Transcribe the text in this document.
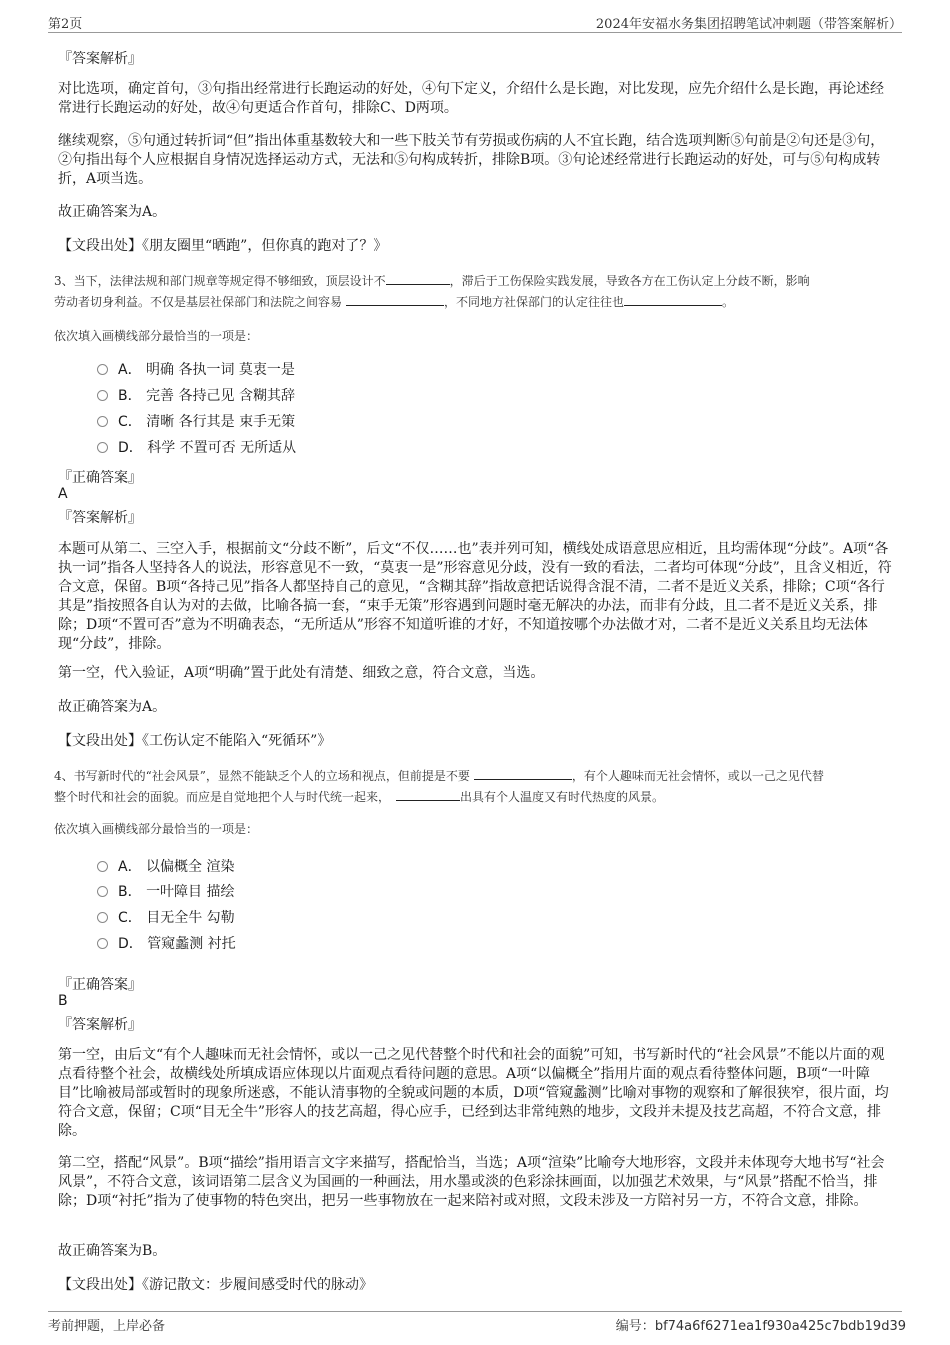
第2页	2024年安福水务集团招聘笔试冲刺题（带答案解析）
『答案解析』
对比选项，确定首句，③句指出经常进行长跑运动的好处，④句下定义，介绍什么是长跑，对比发现，应先介绍什么是长跑，再论述经常进行长跑运动的好处，故④句更适合作首句，排除C、D两项。
继续观察，⑤句通过转折词“但”指出体重基数较大和一些下肢关节有劳损或伤病的人不宜长跑，结合选项判断⑤句前是②句还是③句，②句指出每个人应根据自身情况选择运动方式，无法和⑤句构成转折，排除B项。③句论述经常进行长跑运动的好处，可与⑤句构成转折，A项当选。
故正确答案为A。
【文段出处】《朋友圈里“晒跑”，但你真的跑对了？》
3、当下，法律法规和部门规章等规定得不够细致，顶层设计不	，滞后于工伤保险实践发展，导致各方在工伤认定上分歧不断，影响
劳动者切身利益。不仅是基层社保部门和法院之间容易	，不同地方社保部门的认定往往也	。
依次填入画横线部分最恰当的一项是：
A． 明确 各执一词 莫衷一是
B． 完善 各持己见 含糊其辞
C． 清晰 各行其是 束手无策
D． 科学 不置可否 无所适从
『正确答案』
A
『答案解析』
本题可从第二、三空入手，根据前文“分歧不断”，后文“不仅……也”表并列可知，横线处成语意思应相近，且均需体现“分歧”。A项“各执一词”指各人坚持各人的说法，形容意见不一致，“莫衷一是”形容意见分歧，没有一致的看法，二者均可体现“分歧”，且含义相近，符合文意，保留。B项“各持己见”指各人都坚持自己的意见，“含糊其辞”指故意把话说得含混不清，二者不是近义关系，排除；C项“各行其是”指按照各自认为对的去做，比喻各搞一套，“束手无策”形容遇到问题时毫无解决的办法，而非有分歧，且二者不是近义关系，排除；D项“不置可否”意为不明确表态，“无所适从”形容不知道听谁的才好，不知道按哪个办法做才对，二者不是近义关系且均无法体现“分歧”，排除。
第一空，代入验证，A项“明确”置于此处有清楚、细致之意，符合文意，当选。
故正确答案为A。
【文段出处】《工伤认定不能陷入“死循环”》
4、书写新时代的“社会风景”，显然不能缺乏个人的立场和视点，但前提是不要	，有个人趣味而无社会情怀，或以一己之见代替
整个时代和社会的面貌。而应是自觉地把个人与时代统一起来，	出具有个人温度又有时代热度的风景。
依次填入画横线部分最恰当的一项是：
A． 以偏概全 渲染
B． 一叶障目 描绘
C． 目无全牛 勾勒
D． 管窥蠡测 衬托
『正确答案』
B
『答案解析』
第一空，由后文“有个人趣味而无社会情怀，或以一己之见代替整个时代和社会的面貌”可知，书写新时代的“社会风景”不能以片面的观点看待整个社会，故横线处所填成语应体现以片面观点看待问题的意思。A项“以偏概全”指用片面的观点看待整体问题，B项“一叶障目”比喻被局部或暂时的现象所迷惑，不能认清事物的全貌或问题的本质，D项“管窥蠡测”比喻对事物的观察和了解很狭窄，很片面，均符合文意，保留；C项“目无全牛”形容人的技艺高超，得心应手，已经到达非常纯熟的地步，文段并未提及技艺高超，不符合文意，排除。
第二空，搭配“风景”。B项“描绘”指用语言文字来描写，搭配恰当，当选；A项“渲染”比喻夸大地形容，文段并未体现夸大地书写“社会风景”，不符合文意，该词语第二层含义为国画的一种画法，用水墨或淡的色彩涂抹画面，以加强艺术效果，与“风景”搭配不恰当，排除；D项“衬托”指为了使事物的特色突出，把另一些事物放在一起来陪衬或对照，文段未涉及一方陪衬另一方，不符合文意，排除。
故正确答案为B。
【文段出处】《游记散文：步履间感受时代的脉动》
考前押题，上岸必备	编号：bf74a6f6271ea1f930a425c7bdb19d39
